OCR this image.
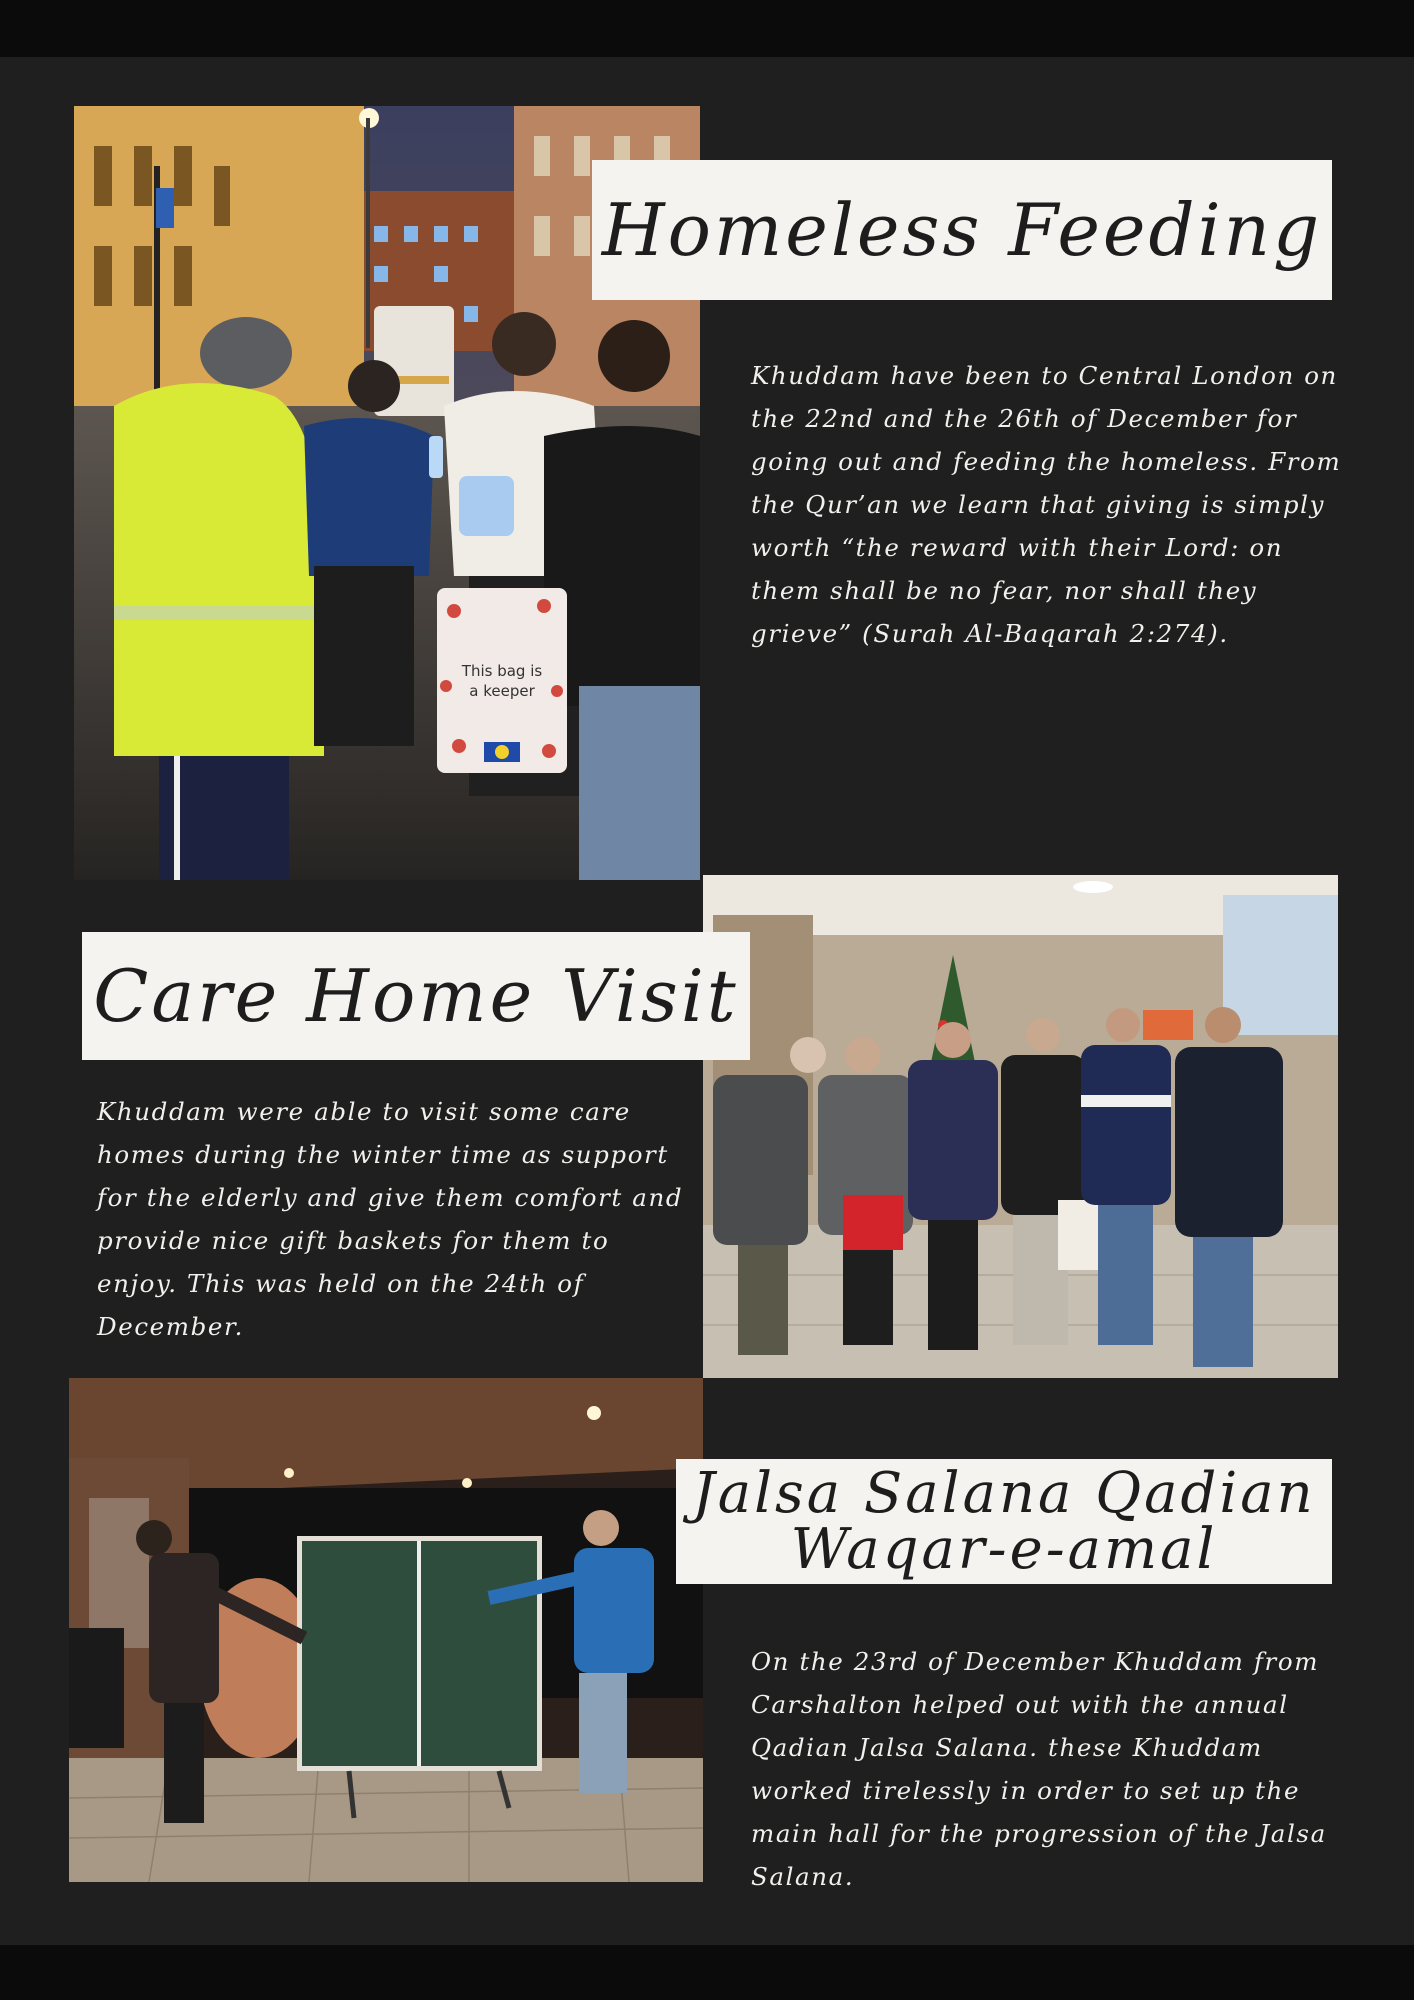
This bag is
a keeper
Homeless Feeding

Khuddam have been to Central London on the 22nd and the 26th of December for going out and feeding the homeless. From the Qur’an we learn that giving is simply worth “the reward with their Lord: on them shall be no fear, nor shall they grieve” (Surah Al-Baqarah 2:274).

Care Home Visit

Khuddam were able to visit some care homes during the winter time as support for the elderly and give them comfort and provide nice gift baskets for them to enjoy. This was held on the 24th of December.

Jalsa Salana Qadian
Waqar-e-amal

On the 23rd of December Khuddam from Carshalton helped out with the annual Qadian Jalsa Salana. these Khuddam worked tirelessly in order to set up the main hall for the progression of the Jalsa Salana.
